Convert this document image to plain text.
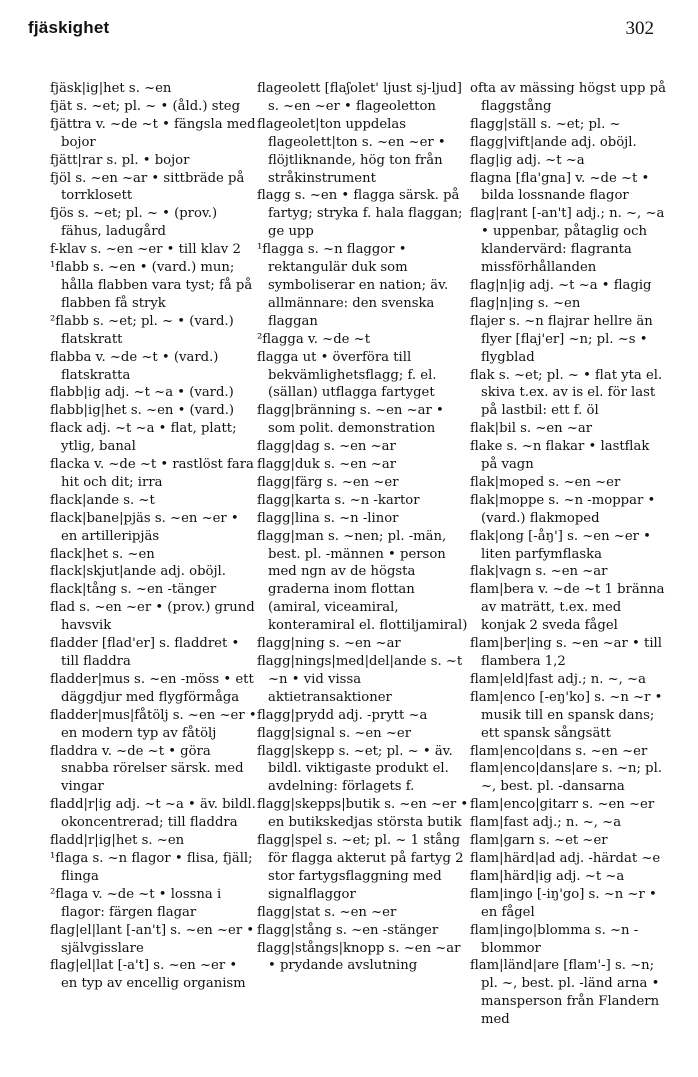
fjäskighet	302

fjäsk|ig|het s. ~en

fjät s. ~et; pl. ~ • (åld.) steg

fjättra v. ~de ~t • fängsla med bojor

fjätt|rar s. pl. • bojor

fjöl s. ~en ~ar • sittbräde på torrklosett

fjös s. ~et; pl. ~ • (prov.) fähus, ladugård

f-klav s. ~en ~er • till klav 2

¹flabb s. ~en • (vard.) mun; hålla flabben vara tyst; få på flabben få stryk

²flabb s. ~et; pl. ~ • (vard.) flatskratt

flabba v. ~de ~t • (vard.) flatskratta

flabb|ig adj. ~t ~a • (vard.)

flabb|ig|het s. ~en • (vard.)

flack adj. ~t ~a • flat, platt; ytlig, banal

flacka v. ~de ~t • rastlöst fara hit och dit; irra

flack|ande s. ~t

flack|bane|pjäs s. ~en ~er • en artilleripjäs

flack|het s. ~en

flack|skjut|ande adj. oböjl.

flack|tång s. ~en -tänger

flad s. ~en ~er • (prov.) grund havsvik

fladder [flad'er] s. fladdret • till fladdra

fladder|mus s. ~en -möss • ett däggdjur med flygförmåga

fladder|mus|fåtölj s. ~en ~er • en modern typ av fåtölj

fladdra v. ~de ~t • göra snabba rörelser särsk. med vingar

fladd|r|ig adj. ~t ~a • äv. bildl. okoncentrerad; till fladdra

fladd|r|ig|het s. ~en

¹flaga s. ~n flagor • flisa, fjäll; flinga

²flaga v. ~de ~t • lossna i flagor: färgen flagar

flag|el|lant [-an't] s. ~en ~er • självgisslare

flag|el|lat [-a't] s. ~en ~er • en typ av encellig organism

flageolett [flaʃolet' ljust sj-ljud] s. ~en ~er • flageoletton

flageolet|ton uppdelas flageolett|ton s. ~en ~er • flöjtliknande, hög ton från stråkinstrument

flagg s. ~en • flagga särsk. på fartyg; stryka f. hala flaggan; ge upp

¹flagga s. ~n flaggor • rektangulär duk som symboliserar en nation; äv. allmännare: den svenska flaggan

²flagga v. ~de ~t

flagga ut • överföra till bekvämlighetsflagg; f. el. (sällan) utflagga fartyget

flagg|bränning s. ~en ~ar • som polit. demonstration

flagg|dag s. ~en ~ar

flagg|duk s. ~en ~ar

flagg|färg s. ~en ~er

flagg|karta s. ~n -kartor

flagg|lina s. ~n -linor

flagg|man s. ~nen; pl. -män, best. pl. -männen • person med ngn av de högsta graderna inom flottan (amiral, viceamiral, konteramiral el. flottiljamiral)

flagg|ning s. ~en ~ar

flagg|nings|med|del|ande s. ~t ~n • vid vissa aktietransaktioner

flagg|prydd adj. -prytt ~a

flagg|signal s. ~en ~er

flagg|skepp s. ~et; pl. ~ • äv. bildl. viktigaste produkt el. avdelning: förlagets f.

flagg|skepps|butik s. ~en ~er • en butikskedjas största butik

flagg|spel s. ~et; pl. ~ 1 stång för flagga akterut på fartyg 2 stor fartygsflaggning med signalflaggor

flagg|stat s. ~en ~er

flagg|stång s. ~en -stänger

flagg|stångs|knopp s. ~en ~ar • prydande avslutning

ofta av mässing högst upp på flaggstång

flagg|ställ s. ~et; pl. ~

flagg|vift|ande adj. oböjl.

flag|ig adj. ~t ~a

flagna [fla'gna] v. ~de ~t • bilda lossnande flagor

flag|rant [-an't] adj.; n. ~, ~a • uppenbar, påtaglig och klandervärd: flagranta missförhållanden

flag|n|ig adj. ~t ~a • flagig

flag|n|ing s. ~en

flajer s. ~n flajrar hellre än flyer [flaj'er] ~n; pl. ~s • flygblad

flak s. ~et; pl. ~ • flat yta el. skiva t.ex. av is el. för last på lastbil: ett f. öl

flak|bil s. ~en ~ar

flake s. ~n flakar • lastflak på vagn

flak|moped s. ~en ~er

flak|moppe s. ~n -moppar • (vard.) flakmoped

flak|ong [-åŋ'] s. ~en ~er • liten parfymflaska

flak|vagn s. ~en ~ar

flam|bera v. ~de ~t 1 bränna av maträtt, t.ex. med konjak 2 sveda fågel

flam|ber|ing s. ~en ~ar • till flambera 1,2

flam|eld|fast adj.; n. ~, ~a

flam|enco [-eŋ'ko] s. ~n ~r • musik till en spansk dans; ett spansk sångsätt

flam|enco|dans s. ~en ~er

flam|enco|dans|are s. ~n; pl. ~, best. pl. -dansarna

flam|enco|gitarr s. ~en ~er

flam|fast adj.; n. ~, ~a

flam|garn s. ~et ~er

flam|härd|ad adj. -härdat ~e

flam|härd|ig adj. ~t ~a

flam|ingo [-iŋ'go] s. ~n ~r • en fågel

flam|ingo|blomma s. ~n -blommor

flam|länd|are [flam'-] s. ~n; pl. ~, best. pl. -länd arna • mansperson från Flandern med
